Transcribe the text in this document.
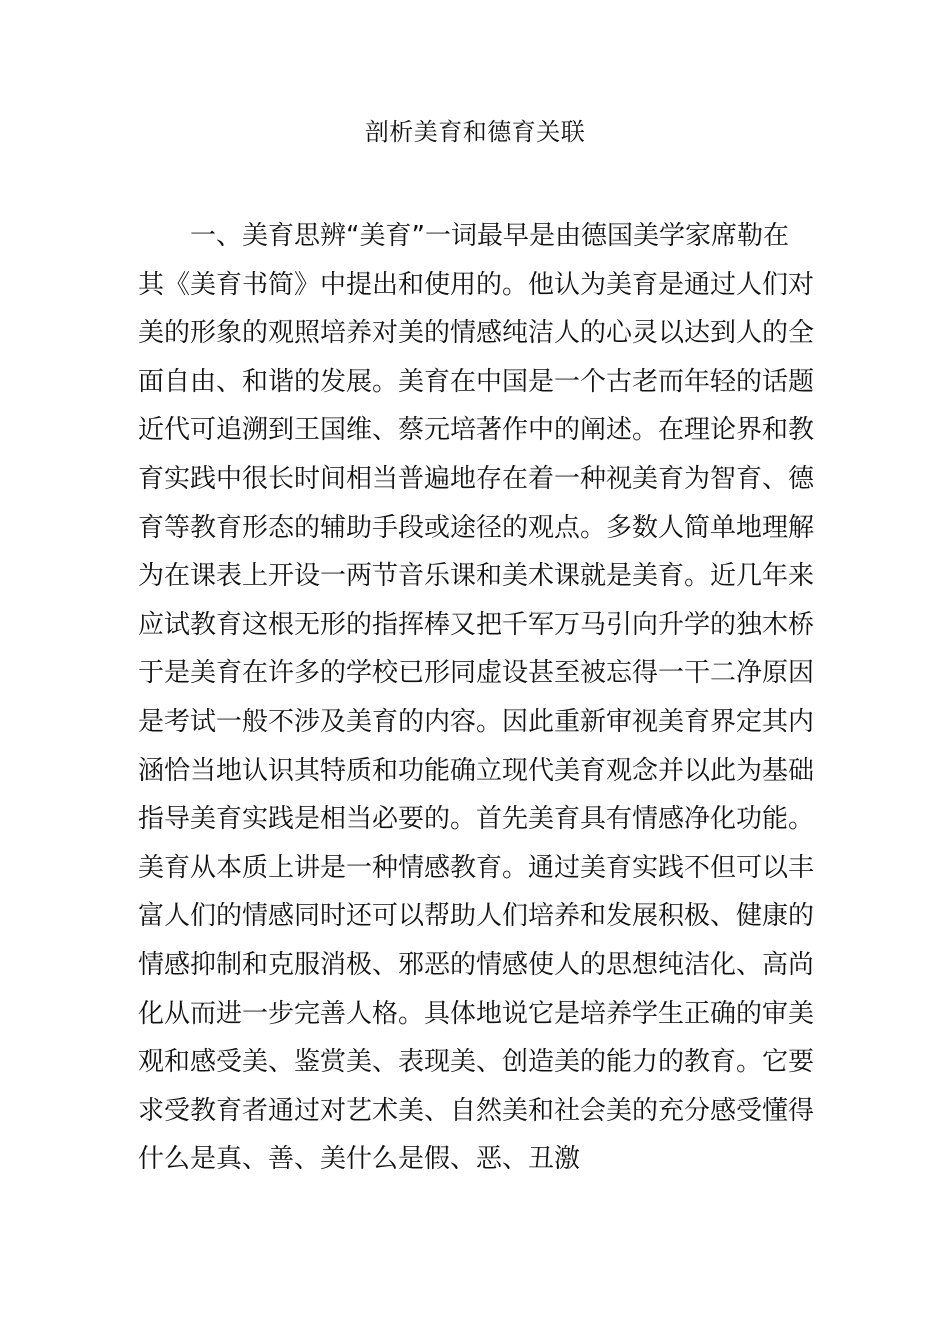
剖析美育和德育关联
一、美育思辨“美育”一词最早是由德国美学家席勒在
其《美育书简》中提出和使用的。他认为美育是通过人们对
美的形象的观照培养对美的情感纯洁人的心灵以达到人的全
面自由、和谐的发展。美育在中国是一个古老而年轻的话题
近代可追溯到王国维、蔡元培著作中的阐述。在理论界和教
育实践中很长时间相当普遍地存在着一种视美育为智育、德
育等教育形态的辅助手段或途径的观点。多数人简单地理解
为在课表上开设一两节音乐课和美术课就是美育。近几年来
应试教育这根无形的指挥棒又把千军万马引向升学的独木桥
于是美育在许多的学校已形同虚设甚至被忘得一干二净原因
是考试一般不涉及美育的内容。因此重新审视美育界定其内
涵恰当地认识其特质和功能确立现代美育观念并以此为基础
指导美育实践是相当必要的。首先美育具有情感净化功能。
美育从本质上讲是一种情感教育。通过美育实践不但可以丰
富人们的情感同时还可以帮助人们培养和发展积极、健康的
情感抑制和克服消极、邪恶的情感使人的思想纯洁化、高尚
化从而进一步完善人格。具体地说它是培养学生正确的审美
观和感受美、鉴赏美、表现美、创造美的能力的教育。它要
求受教育者通过对艺术美、自然美和社会美的充分感受懂得
什么是真、善、美什么是假、恶、丑激
